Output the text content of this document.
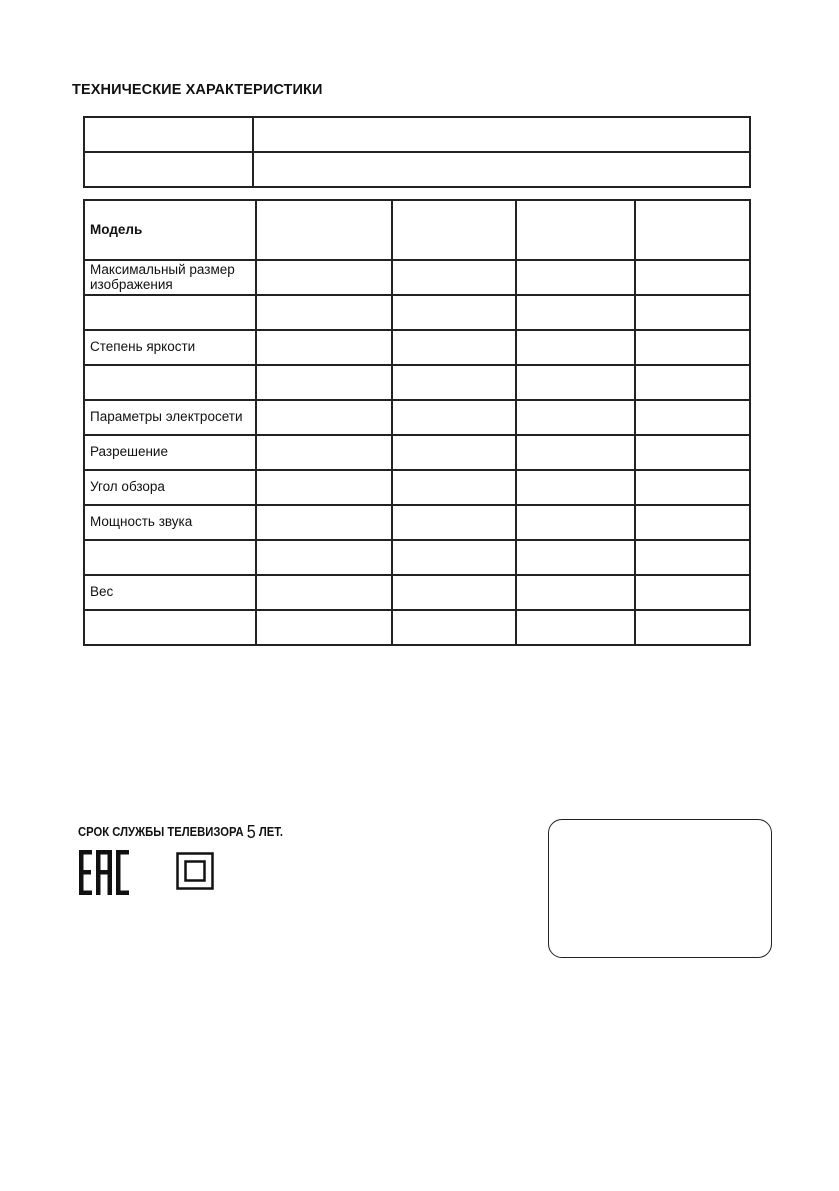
ТЕХНИЧЕСКИЕ ХАРАКТЕРИСТИКИ

Модель				
Максимальный размер изображения				

Степень яркости				

Параметры электросети				
Разрешение				
Угол обзора				
Мощность звука				

Вес				

СРОК СЛУЖБЫ ТЕЛЕВИЗОРА 5 ЛЕТ.
